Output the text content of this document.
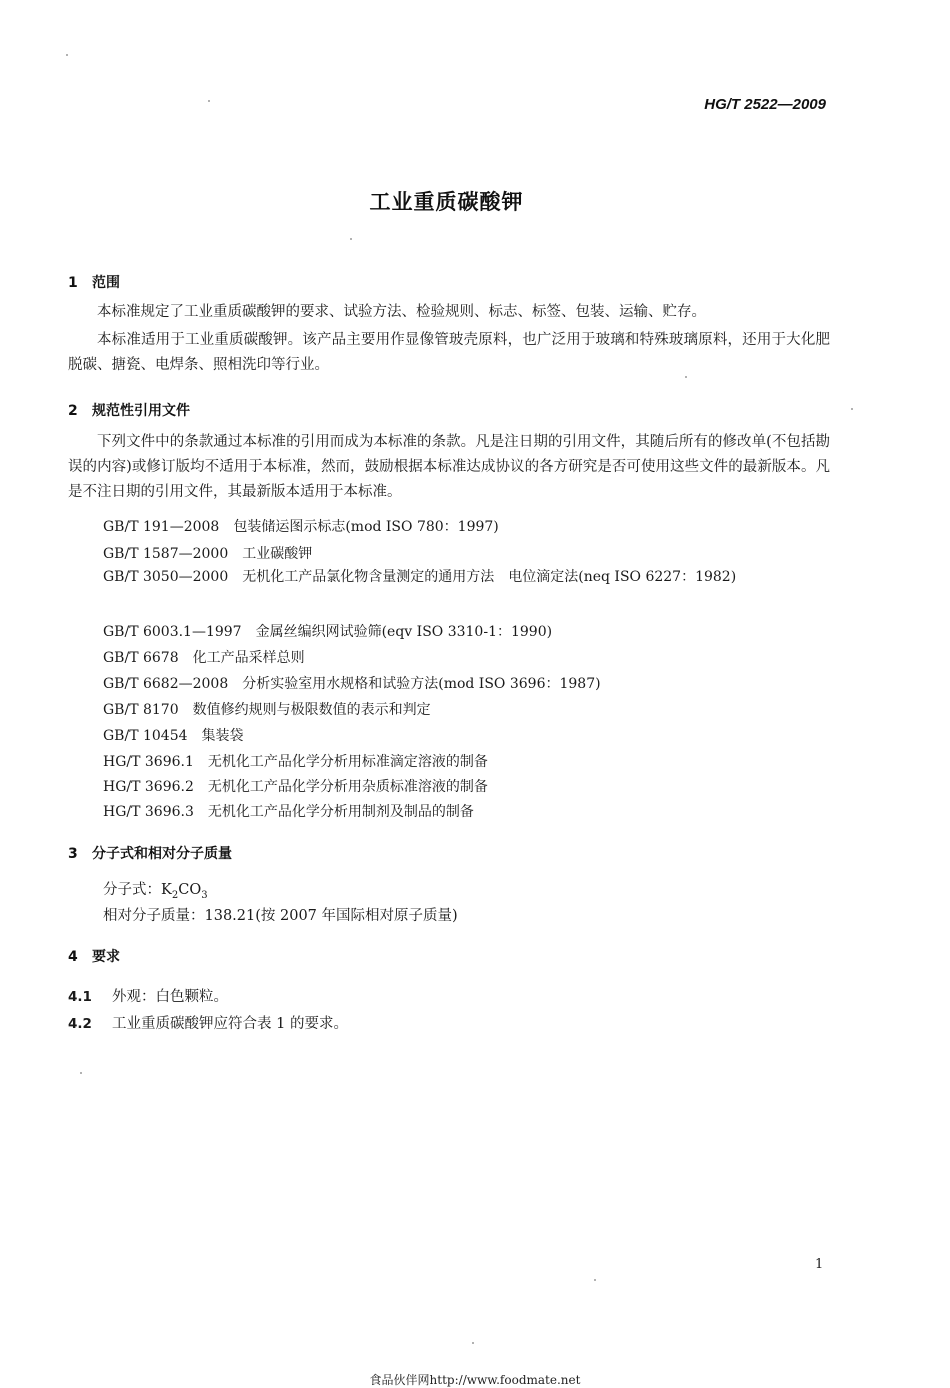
HG/T 2522—2009
工业重质碳酸钾
1 范围

本标准规定了工业重质碳酸钾的要求、试验方法、检验规则、标志、标签、包装、运输、贮存。

本标准适用于工业重质碳酸钾。该产品主要用作显像管玻壳原料，也广泛用于玻璃和特殊玻璃原料，还用于大化肥脱碳、搪瓷、电焊条、照相洗印等行业。

2 规范性引用文件

下列文件中的条款通过本标准的引用而成为本标准的条款。凡是注日期的引用文件，其随后所有的修改单(不包括勘误的内容)或修订版均不适用于本标准，然而，鼓励根据本标准达成协议的各方研究是否可使用这些文件的最新版本。凡是不注日期的引用文件，其最新版本适用于本标准。

GB/T 191—2008 包装储运图示标志(mod ISO 780：1997)
GB/T 1587—2000 工业碳酸钾

GB/T 3050—2000 无机化工产品氯化物含量测定的通用方法　电位滴定法(neq ISO 6227：1982)

GB/T 6003.1—1997 金属丝编织网试验筛(eqv ISO 3310-1：1990)
GB/T 6678 化工产品采样总则
GB/T 6682—2008 分析实验室用水规格和试验方法(mod ISO 3696：1987)
GB/T 8170 数值修约规则与极限数值的表示和判定
GB/T 10454 集装袋
HG/T 3696.1 无机化工产品化学分析用标准滴定溶液的制备
HG/T 3696.2 无机化工产品化学分析用杂质标准溶液的制备
HG/T 3696.3 无机化工产品化学分析用制剂及制品的制备
3 分子式和相对分子质量
分子式：$K_2CO_3$
相对分子质量：138.21(按 2007 年国际相对原子质量)
4 要求
4.1 外观：白色颗粒。
4.2 工业重质碳酸钾应符合表 1 的要求。
1
食品伙伴网http://www.foodmate.net
